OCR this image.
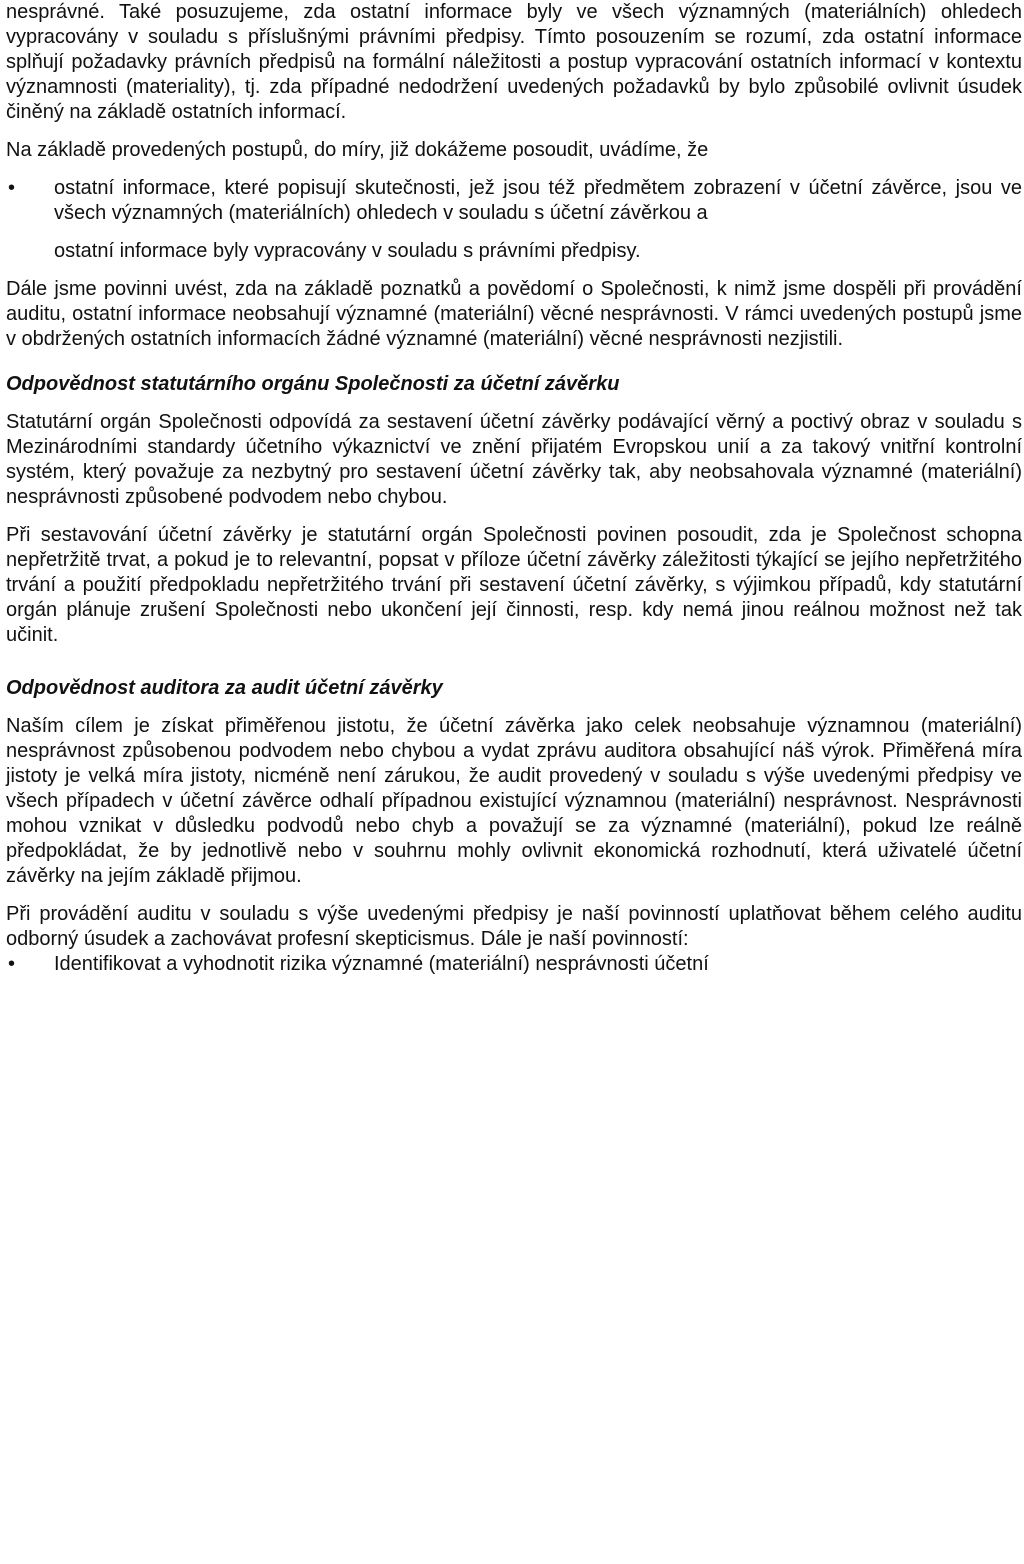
nesprávné. Také posuzujeme, zda ostatní informace byly ve všech významných (materiálních) ohledech vypracovány v souladu s příslušnými právními předpisy. Tímto posouzením se rozumí, zda ostatní informace splňují požadavky právních předpisů na formální náležitosti a postup vypracování ostatních informací v kontextu významnosti (materiality), tj. zda případné nedodržení uvedených požadavků by bylo způsobilé ovlivnit úsudek činěný na základě ostatních informací.

Na základě provedených postupů, do míry, již dokážeme posoudit, uvádíme, že

• ostatní informace, které popisují skutečnosti, jež jsou též předmětem zobrazení v účetní závěrce, jsou ve všech významných (materiálních) ohledech v souladu s účetní závěrkou a

ostatní informace byly vypracovány v souladu s právními předpisy.

Dále jsme povinni uvést, zda na základě poznatků a povědomí o Společnosti, k nimž jsme dospěli při provádění auditu, ostatní informace neobsahují významné (materiální) věcné nesprávnosti. V rámci uvedených postupů jsme v obdržených ostatních informacích žádné významné (materiální) věcné nesprávnosti nezjistili.

Odpovědnost statutárního orgánu Společnosti za účetní závěrku

Statutární orgán Společnosti odpovídá za sestavení účetní závěrky podávající věrný a poctivý obraz v souladu s Mezinárodními standardy účetního výkaznictví ve znění přijatém Evropskou unií a za takový vnitřní kontrolní systém, který považuje za nezbytný pro sestavení účetní závěrky tak, aby neobsahovala významné (materiální) nesprávnosti způsobené podvodem nebo chybou.

Při sestavování účetní závěrky je statutární orgán Společnosti povinen posoudit, zda je Společnost schopna nepřetržitě trvat, a pokud je to relevantní, popsat v příloze účetní závěrky záležitosti týkající se jejího nepřetržitého trvání a použití předpokladu nepřetržitého trvání při sestavení účetní závěrky, s výjimkou případů, kdy statutární orgán plánuje zrušení Společnosti nebo ukončení její činnosti, resp. kdy nemá jinou reálnou možnost než tak učinit.

Odpovědnost auditora za audit účetní závěrky

Naším cílem je získat přiměřenou jistotu, že účetní závěrka jako celek neobsahuje významnou (materiální) nesprávnost způsobenou podvodem nebo chybou a vydat zprávu auditora obsahující náš výrok. Přiměřená míra jistoty je velká míra jistoty, nicméně není zárukou, že audit provedený v souladu s výše uvedenými předpisy ve všech případech v účetní závěrce odhalí případnou existující významnou (materiální) nesprávnost. Nesprávnosti mohou vznikat v důsledku podvodů nebo chyb a považují se za významné (materiální), pokud lze reálně předpokládat, že by jednotlivě nebo v souhrnu mohly ovlivnit ekonomická rozhodnutí, která uživatelé účetní závěrky na jejím základě přijmou.

Při provádění auditu v souladu s výše uvedenými předpisy je naší povinností uplatňovat během celého auditu odborný úsudek a zachovávat profesní skepticismus. Dále je naší povinností:

• Identifikovat a vyhodnotit rizika významné (materiální) nesprávnosti účetní
